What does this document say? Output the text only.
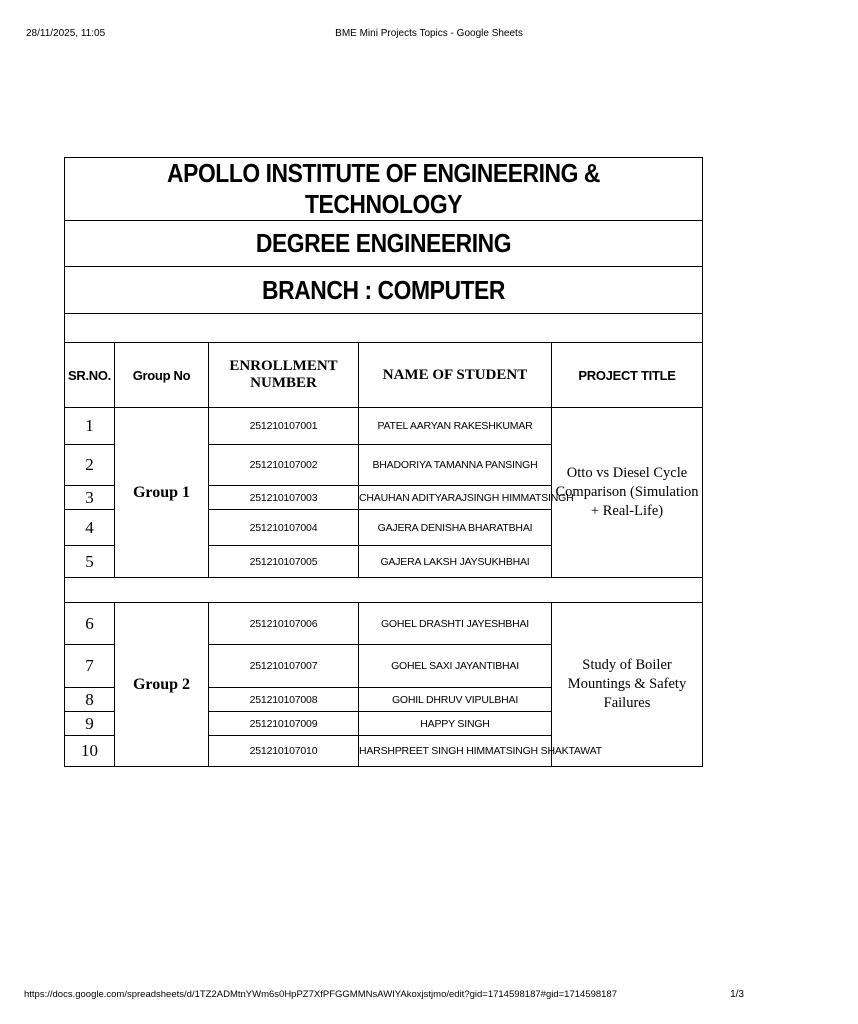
28/11/2025, 11:05	BME Mini Projects Topics - Google Sheets
APOLLO INSTITUTE OF ENGINEERING & TECHNOLOGY				

DEGREE ENGINEERING				

BRANCH : COMPUTER				

SR.NO.	Group No	ENROLLMENT NUMBER	NAME OF STUDENT	PROJECT TITLE
1	Group 1	251210107001	PATEL AARYAN RAKESHKUMAR	Otto vs Diesel Cycle Comparison (Simulation + Real-Life)
2		251210107002	BHADORIYA TAMANNA PANSINGH	
3		251210107003	CHAUHAN ADITYARAJSINGH HIMMATSINGH	
4		251210107004	GAJERA DENISHA BHARATBHAI	
5		251210107005	GAJERA LAKSH JAYSUKHBHAI	

6	Group 2	251210107006	GOHEL DRASHTI JAYESHBHAI	Study of Boiler Mountings & Safety Failures
7		251210107007	GOHEL SAXI JAYANTIBHAI	
8		251210107008	GOHIL DHRUV VIPULBHAI	
9		251210107009	HAPPY SINGH	
10		251210107010	HARSHPREET SINGH HIMMATSINGH SHAKTAWAT	
https://docs.google.com/spreadsheets/d/1TZ2ADMtnYWm6s0HpPZ7XfPFGGMMNsAWIYAkoxjstjmo/edit?gid=1714598187#gid=1714598187	1/3
